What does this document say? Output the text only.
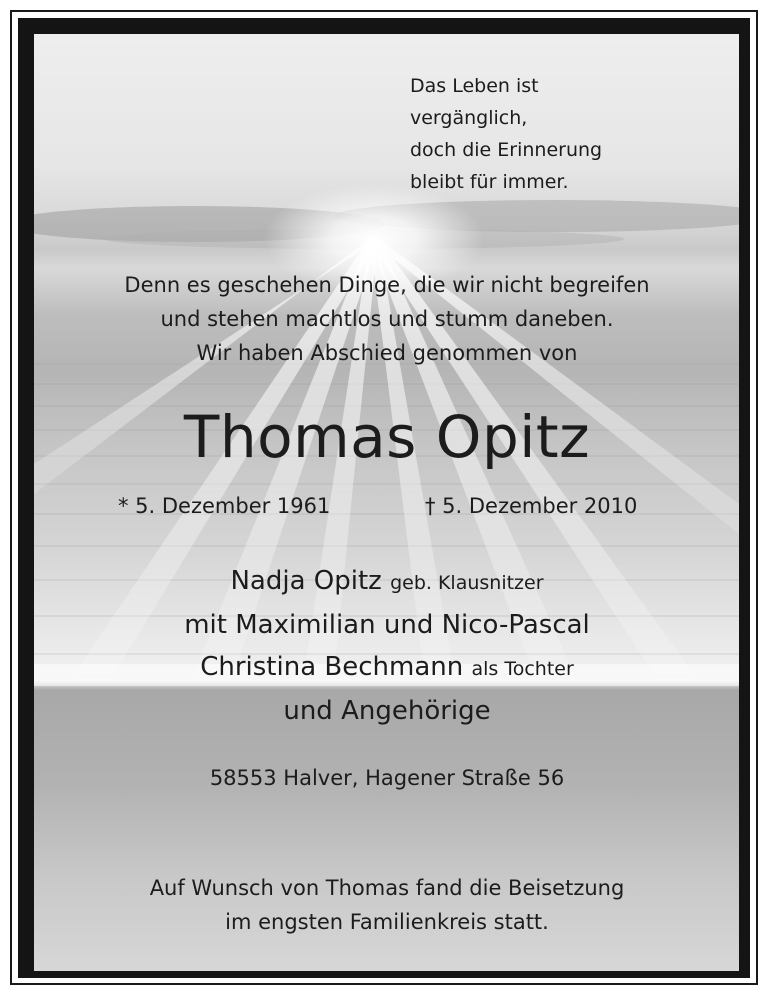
Das Leben ist
vergänglich,
doch die Erinnerung
bleibt für immer.
Denn es geschehen Dinge, die wir nicht begreifen
und stehen machtlos und stumm daneben.
Wir haben Abschied genommen von
Thomas Opitz
* 5. Dezember 1961	† 5. Dezember 2010
Nadja Opitz geb. Klausnitzer
mit Maximilian und Nico-Pascal
Christina Bechmann als Tochter
und Angehörige
58553 Halver, Hagener Straße 56
Auf Wunsch von Thomas fand die Beisetzung
im engsten Familienkreis statt.
